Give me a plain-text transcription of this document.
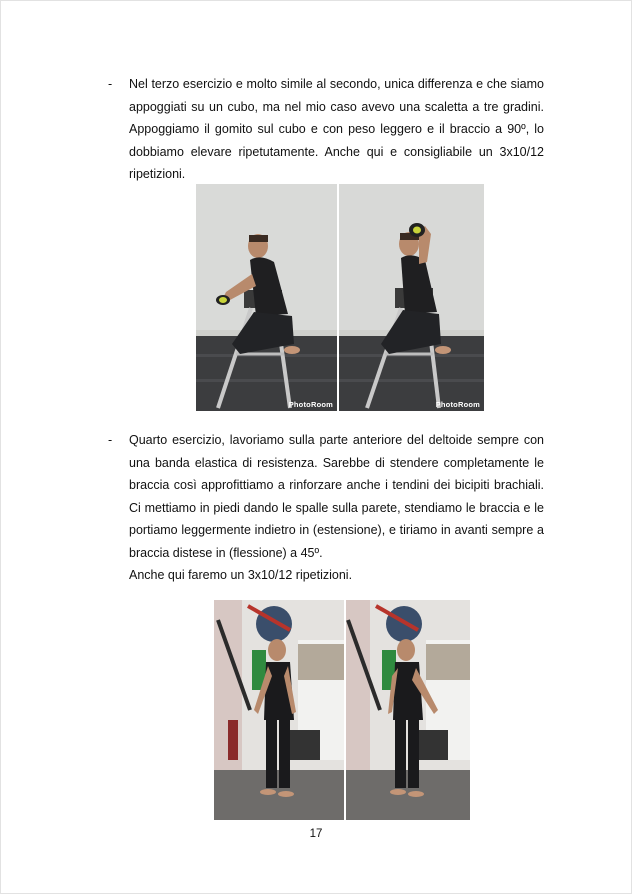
- Nel terzo esercizio e molto simile al secondo, unica differenza e che siamo appoggiati su un cubo, ma nel mio caso avevo una scaletta a tre gradini. Appoggiamo il gomito sul cubo e con peso leggero e il braccio a 90º, lo dobbiamo elevare ripetutamente. Anche qui e consigliabile un 3x10/12 ripetizioni.

PhotoRoom	PhotoRoom
- Quarto esercizio, lavoriamo sulla parte anteriore del deltoide sempre con una banda elastica di resistenza. Sarebbe di stendere completamente le braccia così approfittiamo a rinforzare anche i tendini dei bicipiti brachiali. Ci mettiamo in piedi dando le spalle sulla parete, stendiamo le braccia e le portiamo leggermente indietro in (estensione), e tiriamo in avanti sempre a braccia distese in (flessione) a 45º.

Anche qui faremo un 3x10/12 ripetizioni.

17
